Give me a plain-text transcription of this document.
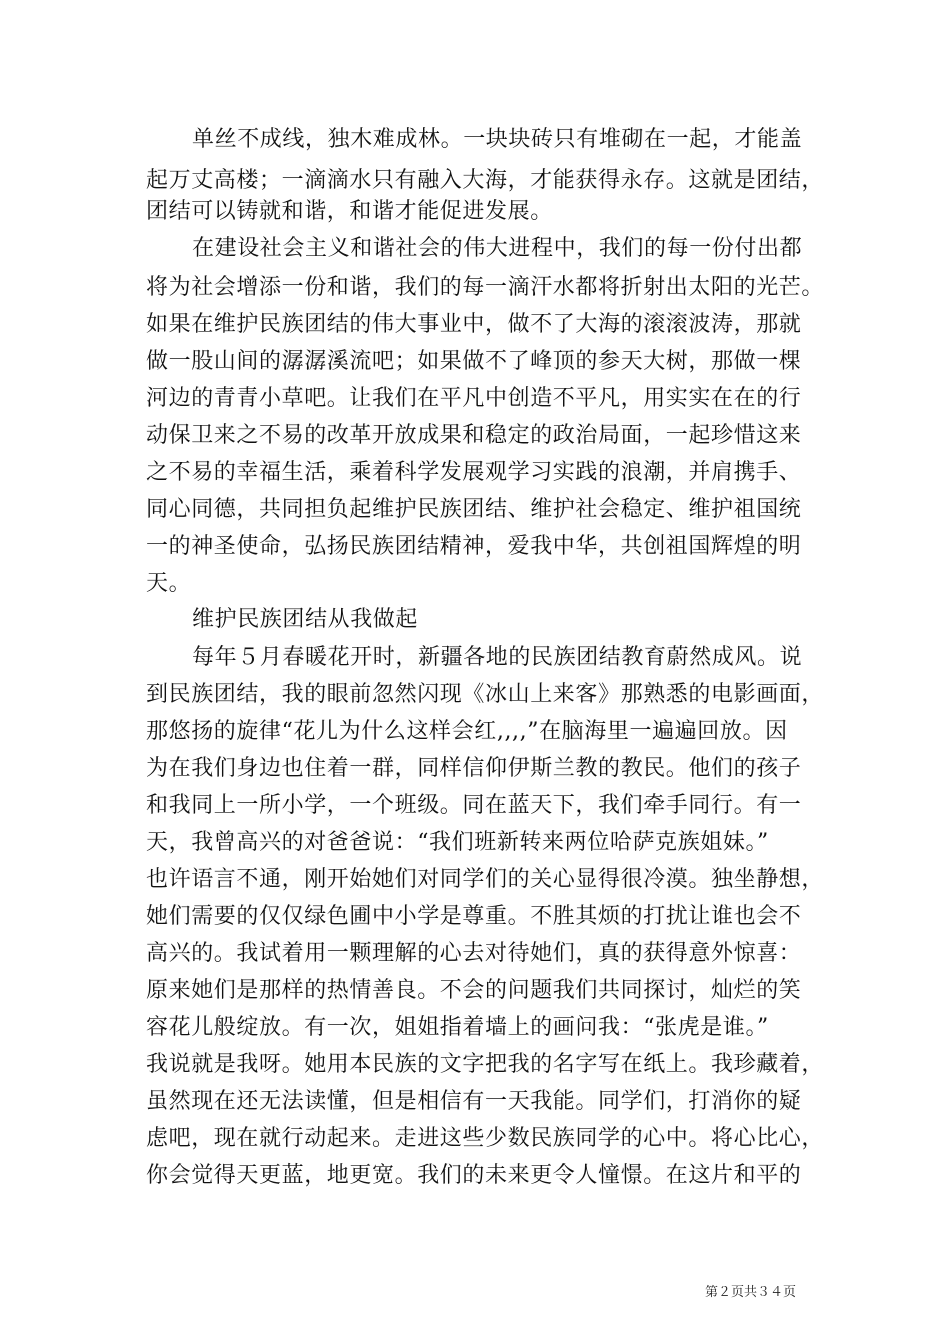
单丝不成线，独木难成林。一块块砖只有堆砌在一起，才能盖
起万丈高楼；一滴滴水只有融入大海，才能获得永存。这就是团结，
团结可以铸就和谐，和谐才能促进发展。
在建设社会主义和谐社会的伟大进程中，我们的每一份付出都
将为社会增添一份和谐，我们的每一滴汗水都将折射出太阳的光芒。
如果在维护民族团结的伟大事业中，做不了大海的滚滚波涛，那就
做一股山间的潺潺溪流吧；如果做不了峰顶的参天大树，那做一棵
河边的青青小草吧。让我们在平凡中创造不平凡，用实实在在的行
动保卫来之不易的改革开放成果和稳定的政治局面，一起珍惜这来
之不易的幸福生活，乘着科学发展观学习实践的浪潮，并肩携手、
同心同德，共同担负起维护民族团结、维护社会稳定、维护祖国统
一的神圣使命，弘扬民族团结精神，爱我中华，共创祖国辉煌的明
天。
维护民族团结从我做起
每年５月春暖花开时，新疆各地的民族团结教育蔚然成风。说
到民族团结，我的眼前忽然闪现《冰山上来客》那熟悉的电影画面，
那悠扬的旋律“花儿为什么这样会红,,,,”在脑海里一遍遍回放。因
为在我们身边也住着一群，同样信仰伊斯兰教的教民。他们的孩子
和我同上一所小学，一个班级。同在蓝天下，我们牵手同行。有一
天，我曾高兴的对爸爸说：“我们班新转来两位哈萨克族姐妹。”
也许语言不通，刚开始她们对同学们的关心显得很冷漠。独坐静想，
她们需要的仅仅绿色圃中小学是尊重。不胜其烦的打扰让谁也会不
高兴的。我试着用一颗理解的心去对待她们，真的获得意外惊喜：
原来她们是那样的热情善良。不会的问题我们共同探讨，灿烂的笑
容花儿般绽放。有一次，姐姐指着墙上的画问我：“张虎是谁。”
我说就是我呀。她用本民族的文字把我的名字写在纸上。我珍藏着，
虽然现在还无法读懂，但是相信有一天我能。同学们，打消你的疑
虑吧，现在就行动起来。走进这些少数民族同学的心中。将心比心，
你会觉得天更蓝，地更宽。我们的未来更令人憧憬。在这片和平的
第２页共３４页
